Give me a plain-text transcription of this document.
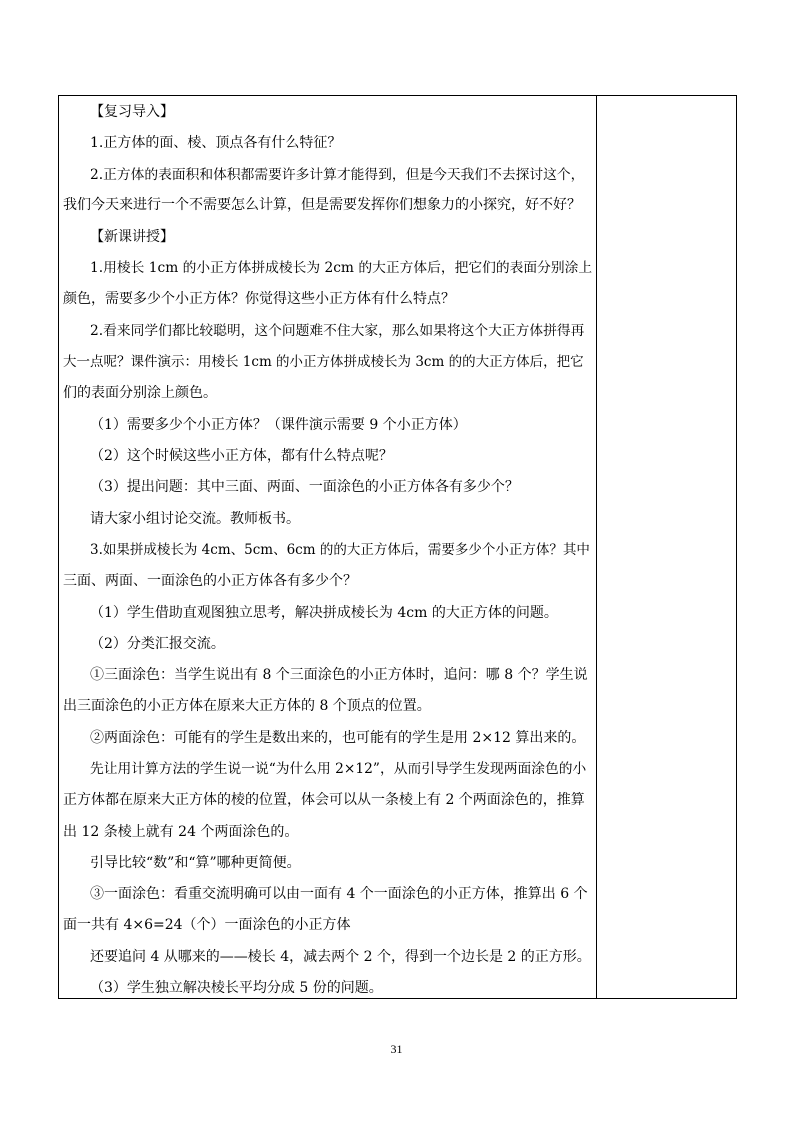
【复习导入】
1.正方体的面、棱、顶点各有什么特征？
2.正方体的表面积和体积都需要许多计算才能得到，但是今天我们不去探讨这个，
我们今天来进行一个不需要怎么计算，但是需要发挥你们想象力的小探究，好不好？
【新课讲授】
1.用棱长 1cm 的小正方体拼成棱长为 2cm 的大正方体后，把它们的表面分别涂上
颜色，需要多少个小正方体？你觉得这些小正方体有什么特点？
2.看来同学们都比较聪明，这个问题难不住大家，那么如果将这个大正方体拼得再
大一点呢？课件演示：用棱长 1cm 的小正方体拼成棱长为 3cm 的的大正方体后，把它
们的表面分别涂上颜色。
（1）需要多少个小正方体？（课件演示需要 9 个小正方体）
（2）这个时候这些小正方体，都有什么特点呢？
（3）提出问题：其中三面、两面、一面涂色的小正方体各有多少个？
请大家小组讨论交流。教师板书。
3.如果拼成棱长为 4cm、5cm、6cm 的的大正方体后，需要多少个小正方体？其中
三面、两面、一面涂色的小正方体各有多少个？
（1）学生借助直观图独立思考，解决拼成棱长为 4cm 的大正方体的问题。
（2）分类汇报交流。
①三面涂色：当学生说出有 8 个三面涂色的小正方体时，追问：哪 8 个？学生说
出三面涂色的小正方体在原来大正方体的 8 个顶点的位置。
②两面涂色：可能有的学生是数出来的，也可能有的学生是用 2×12 算出来的。
先让用计算方法的学生说一说“为什么用 2×12”，从而引导学生发现两面涂色的小
正方体都在原来大正方体的棱的位置，体会可以从一条棱上有 2 个两面涂色的，推算
出 12 条棱上就有 24 个两面涂色的。
引导比较“数”和“算”哪种更简便。
③一面涂色：看重交流明确可以由一面有 4 个一面涂色的小正方体，推算出 6 个
面一共有 4×6=24（个）一面涂色的小正方体
还要追问 4 从哪来的——棱长 4，减去两个 2 个，得到一个边长是 2 的正方形。
（3）学生独立解决棱长平均分成 5 份的问题。
31
